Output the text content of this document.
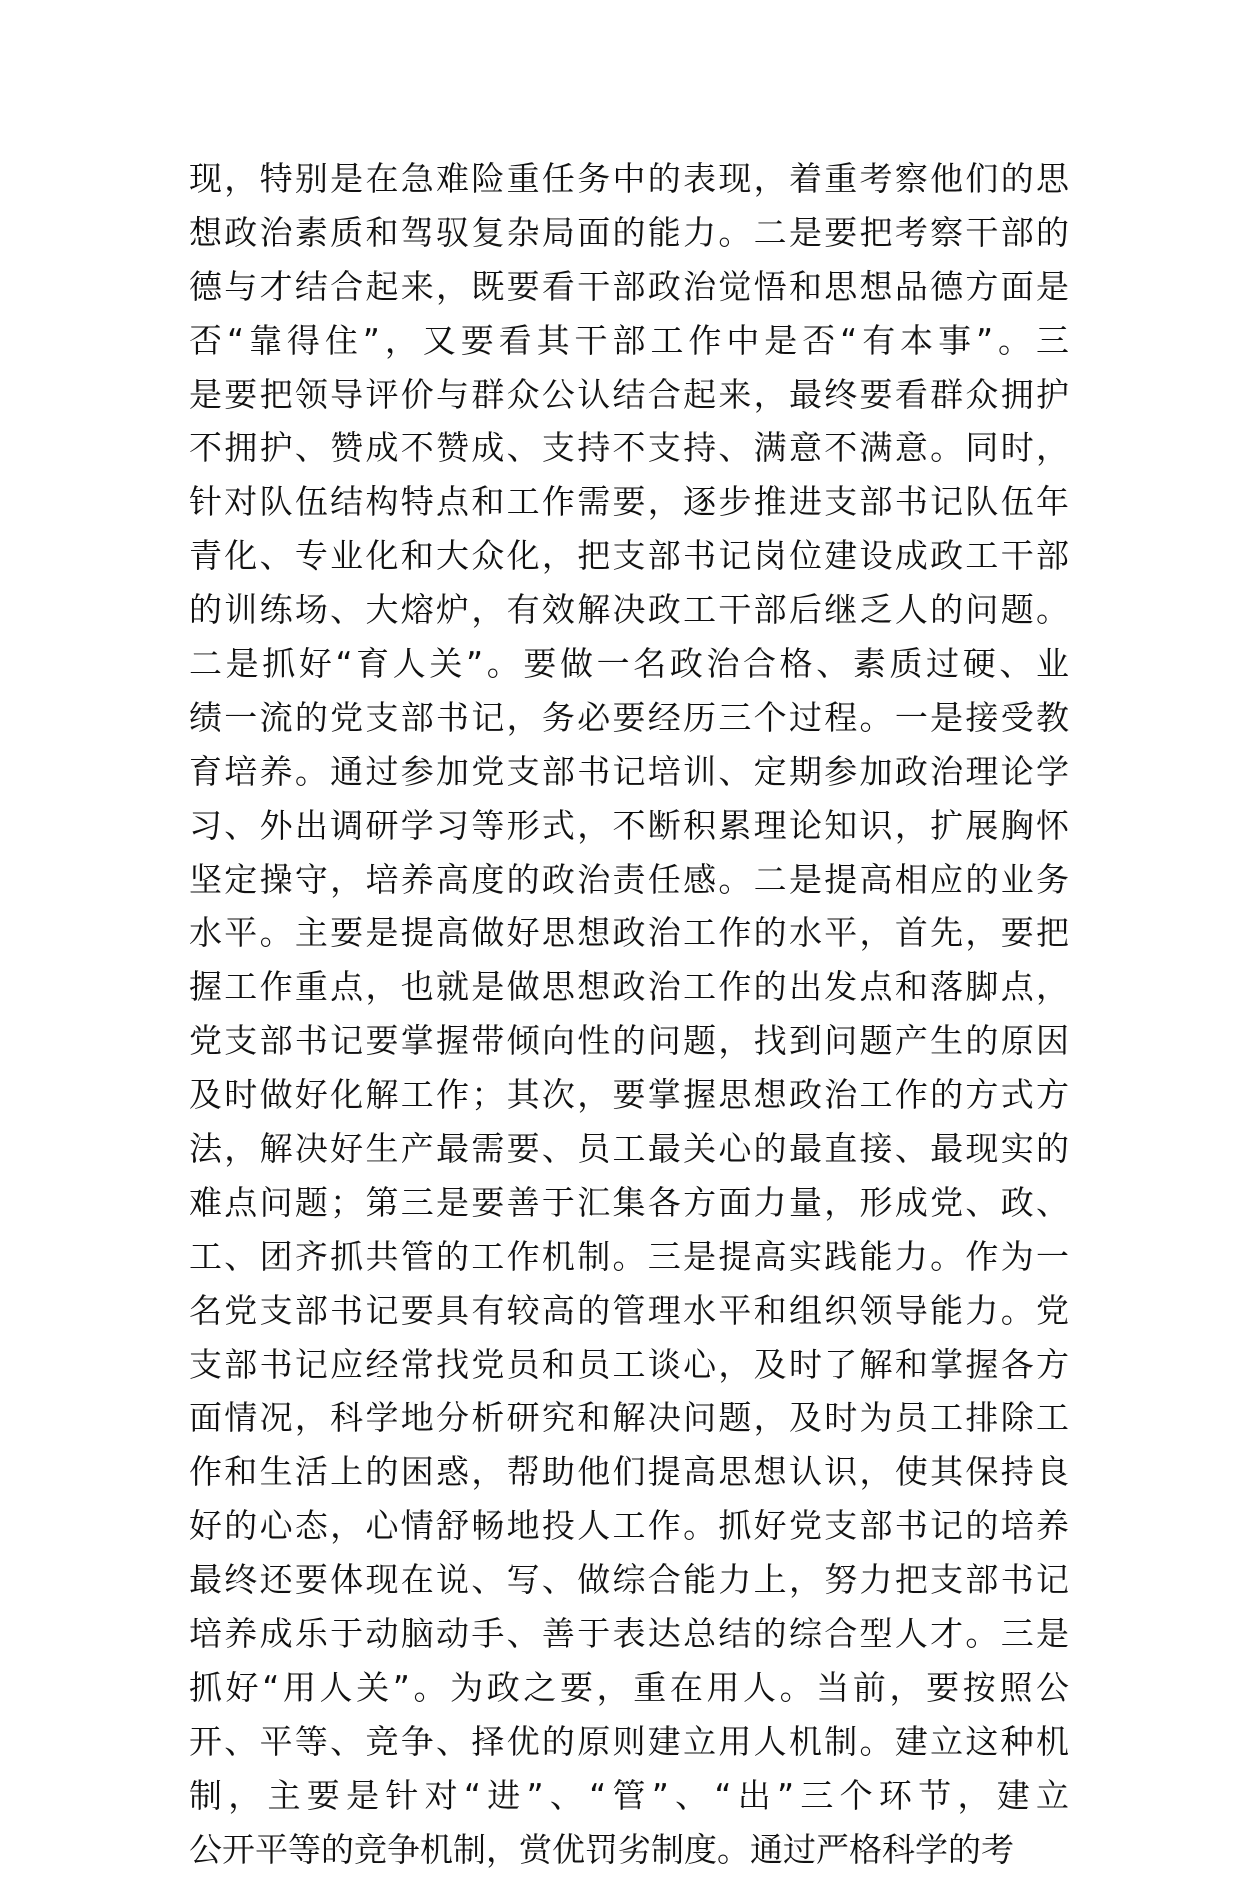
现，特别是在急难险重任务中的表现，着重考察他们的思
想政治素质和驾驭复杂局面的能力。二是要把考察干部的
德与才结合起来，既要看干部政治觉悟和思想品德方面是
否“靠得住”，又要看其干部工作中是否“有本事”。三
是要把领导评价与群众公认结合起来，最终要看群众拥护
不拥护、赞成不赞成、支持不支持、满意不满意。同时，
针对队伍结构特点和工作需要，逐步推进支部书记队伍年
青化、专业化和大众化，把支部书记岗位建设成政工干部
的训练场、大熔炉，有效解决政工干部后继乏人的问题。
二是抓好“育人关”。要做一名政治合格、素质过硬、业
绩一流的党支部书记，务必要经历三个过程。一是接受教
育培养。通过参加党支部书记培训、定期参加政治理论学
习、外出调研学习等形式，不断积累理论知识，扩展胸怀
坚定操守，培养高度的政治责任感。二是提高相应的业务
水平。主要是提高做好思想政治工作的水平，首先，要把
握工作重点，也就是做思想政治工作的出发点和落脚点，
党支部书记要掌握带倾向性的问题，找到问题产生的原因
及时做好化解工作；其次，要掌握思想政治工作的方式方
法，解决好生产最需要、员工最关心的最直接、最现实的
难点问题；第三是要善于汇集各方面力量，形成党、政、
工、团齐抓共管的工作机制。三是提高实践能力。作为一
名党支部书记要具有较高的管理水平和组织领导能力。党
支部书记应经常找党员和员工谈心，及时了解和掌握各方
面情况，科学地分析研究和解决问题，及时为员工排除工
作和生活上的困惑，帮助他们提高思想认识，使其保持良
好的心态，心情舒畅地投人工作。抓好党支部书记的培养
最终还要体现在说、写、做综合能力上，努力把支部书记
培养成乐于动脑动手、善于表达总结的综合型人才。三是
抓好“用人关”。为政之要，重在用人。当前，要按照公
开、平等、竞争、择优的原则建立用人机制。建立这种机
制，主要是针对“进”、“管”、“出”三个环节，建立
公开平等的竞争机制，赏优罚劣制度。通过严格科学的考
